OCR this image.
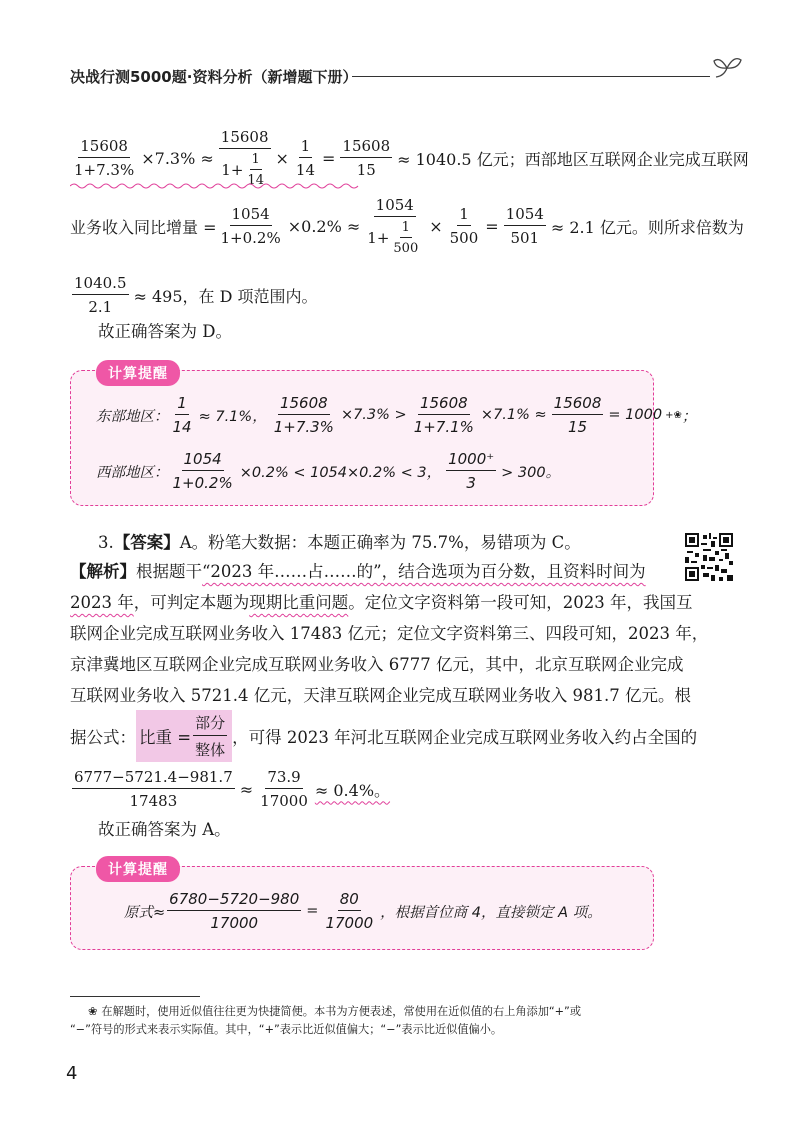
决战行测5000题·资料分析（新增题下册）
$\frac{15608}{1+7.3\%} \times 7.3\% \approx \frac{15608}{1+ \frac{1}{14}} \times \frac{1}{14} = \frac{15608}{15} \approx 1040.5$ 亿元；西部地区互联网企业完成互联网
业务收入同比增量 = $\frac{1054}{1+0.2\%} \times 0.2\% \approx \frac{1054}{1+ \frac{1}{500}} \times \frac{1}{500} = \frac{1054}{501} \approx 2.1$ 亿元。则所求倍数为
$\frac{1040.5}{2.1} \approx 495$，在 D 项范围内。
故正确答案为 D。
计算提醒
东部地区： $\frac{1}{14} \approx 7.1\%$， $\frac{15608}{1+7.3\%} \times 7.3\% > \frac{15608}{1+7.1\%} \times 7.1\% \approx \frac{15608}{15} = 1000$ + ❀ ；
西部地区： $\frac{1054}{1+0.2\%} \times 0.2\% < 1054\times 0.2\% < 3$， $\frac{1000^+}{3} > 300$。
3.【答案】A。粉笔大数据：本题正确率为 75.7%，易错项为 C。
【解析】根据题干“2023 年……占……的”，结合选项为百分数，且资料时间为
2023 年，可判定本题为现期比重问题。定位文字资料第一段可知，2023 年，我国互
联网企业完成互联网业务收入 17483 亿元；定位文字资料第三、四段可知，2023 年，
京津冀地区互联网企业完成互联网业务收入 6777 亿元，其中，北京互联网企业完成
互联网业务收入 5721.4 亿元，天津互联网企业完成互联网业务收入 981.7 亿元。根
据公式： 比重 = $\frac{\text{部分}}{\text{整体}}$ ，可得 2023 年河北互联网企业完成互联网业务收入约占全国的
$\frac{6777-5721.4-981.7}{17483} \approx \frac{73.9}{17000} \approx 0.4\%$。
故正确答案为 A。
计算提醒
原式≈ $\frac{6780-5720-980}{17000} = \frac{80}{17000}$ ，根据首位商 4，直接锁定 A 项。
❀ 在解题时，使用近似值往往更为快捷简便。本书为方便表述，常使用在近似值的右上角添加“+”或
“−”符号的形式来表示实际值。其中，“+”表示比近似值偏大；“−”表示比近似值偏小。
4
